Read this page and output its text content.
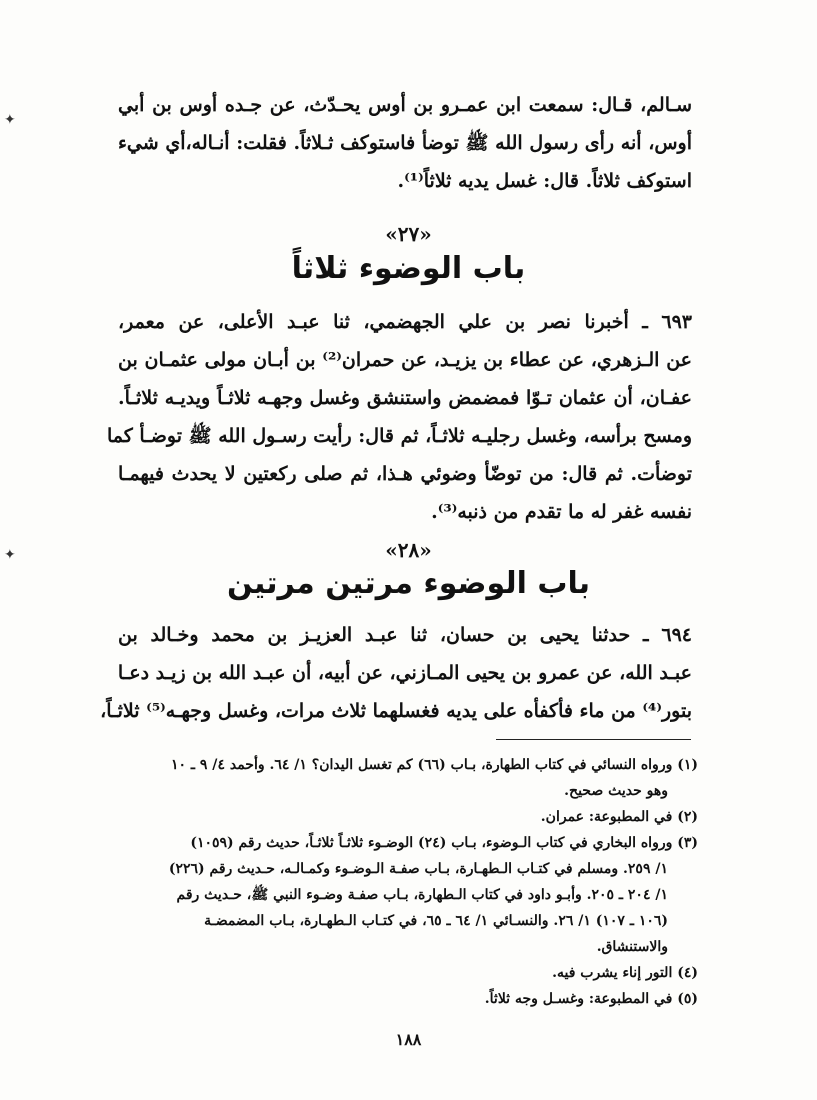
✦
✦
سـالم، قـال: سمعت ابن عمـرو بن أوس يحـدّث، عن جـده أوس بن أبي
أوس، أنه رأى رسول الله ﷺ توضأ فاستوكف ثـلاثاً. فقلت: أنـاله،أي شيء
استوكف ثلاثاً. قال: غسل يديه ثلاثاً⁽¹⁾.
«٢٧»
باب الوضوء ثلاثاً
٦٩٣ ـ أخبرنا نصر بن علي الجهضمي، ثنا عبـد الأعلى، عن معمر،
عن الـزهري، عن عطاء بن يزيـد، عن حمران⁽²⁾ بن أبـان مولى عثمـان بن
عفـان، أن عثمان تـوّا فمضمض واستنشق وغسل وجهـه ثلاثـاً ويديـه ثلاثـاً.
ومسح برأسه، وغسل رجليـه ثلاثـاً، ثم قال: رأيت رسـول الله ﷺ توضـأ كما
توضأت. ثم قال: من توضّأ وضوئي هـذا، ثم صلى ركعتين لا يحدث فيهمـا
نفسه غفر له ما تقدم من ذنبه⁽³⁾.
«٢٨»
باب الوضوء مرتين مرتين
٦٩٤ ـ حدثنا يحيى بن حسان، ثنا عبـد العزيـز بن محمد وخـالد بن
عبـد الله، عن عمرو بن يحيى المـازني، عن أبيه، أن عبـد الله بن زيـد دعـا
بتور⁽⁴⁾ من ماء فأكفأه على يديه فغسلهما ثلاث مرات، وغسل وجهـه⁽⁵⁾ ثلاثـاً،
(١) ورواه النسائي في كتاب الطهارة، بـاب (٦٦) كم تغسل اليدان؟ ١/ ٦٤. وأحمد ٤/ ٩ ـ ١٠
وهو حديث صحيح.
(٢) في المطبوعة: عمران.
(٣) ورواه البخاري في كتاب الـوضوء، بـاب (٢٤) الوضـوء ثلاثـاً ثلاثـاً، حديث رقم (١٠٥٩)
١/ ٢٥٩. ومسلم في كتـاب الـطهـارة، بـاب صفـة الـوضـوء وكمـالـه، حـديث رقم (٢٢٦)
١/ ٢٠٤ ـ ٢٠٥. وأبـو داود في كتاب الـطهارة، بـاب صفـة وضـوء النبي ﷺ، حـديث رقم
(١٠٦ ـ ١٠٧) ١/ ٢٦. والنسـائي ١/ ٦٤ ـ ٦٥، في كتـاب الـطهـارة، بـاب المضمضـة
والاستنشاق.
(٤) التور إناء يشرب فيه.
(٥) في المطبوعة: وغسـل وجه ثلاثاً.
١٨٨
